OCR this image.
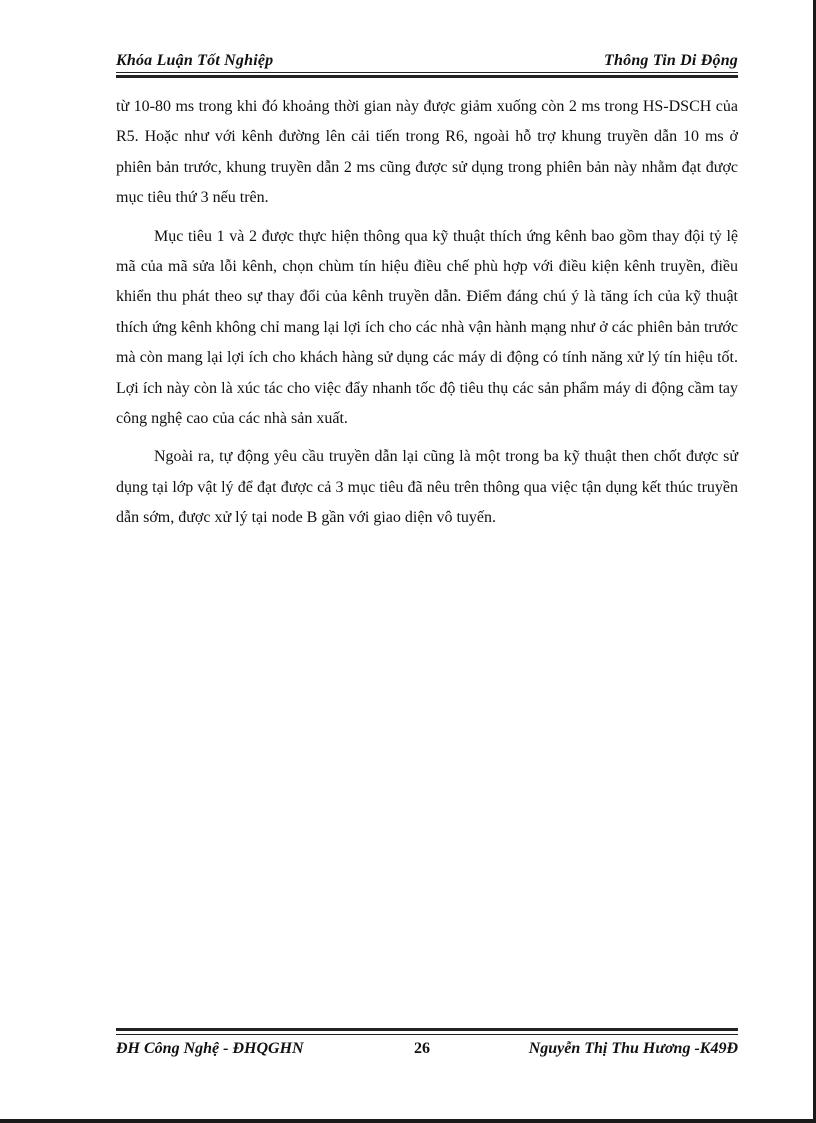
Khóa Luận Tốt Nghiệp	Thông Tin Di Động

từ 10-80 ms trong khi đó khoảng thời gian này được giảm xuống còn 2 ms trong HS-DSCH của R5. Hoặc như với kênh đường lên cải tiến trong R6, ngoài hỗ trợ khung truyền dẫn 10 ms ở phiên bản trước, khung truyền dẫn 2 ms cũng được sử dụng trong phiên bản này nhằm đạt được mục tiêu thứ 3 nếu trên.

Mục tiêu 1 và 2 được thực hiện thông qua kỹ thuật thích ứng kênh bao gồm thay đội tỷ lệ mã của mã sửa lỗi kênh, chọn chùm tín hiệu điều chế phù hợp với điều kiện kênh truyền, điều khiển thu phát theo sự thay đổi của kênh truyền dẫn. Điểm đáng chú ý là tăng ích của kỹ thuật thích ứng kênh không chỉ mang lại lợi ích cho các nhà vận hành mạng như ở các phiên bản trước mà còn mang lại lợi ích cho khách hàng sử dụng các máy di động có tính năng xử lý tín hiệu tốt. Lợi ích này còn là xúc tác cho việc đẩy nhanh tốc độ tiêu thụ các sản phẩm máy di động cầm tay công nghệ cao của các nhà sản xuất.

Ngoài ra, tự động yêu cầu truyền dẫn lại cũng là một trong ba kỹ thuật then chốt được sử dụng tại lớp vật lý để đạt được cả 3 mục tiêu đã nêu trên thông qua việc tận dụng kết thúc truyền dẫn sớm, được xử lý tại node B gần với giao diện vô tuyến.

ĐH Công Nghệ - ĐHQGHN	26	Nguyễn Thị Thu Hương -K49Đ
